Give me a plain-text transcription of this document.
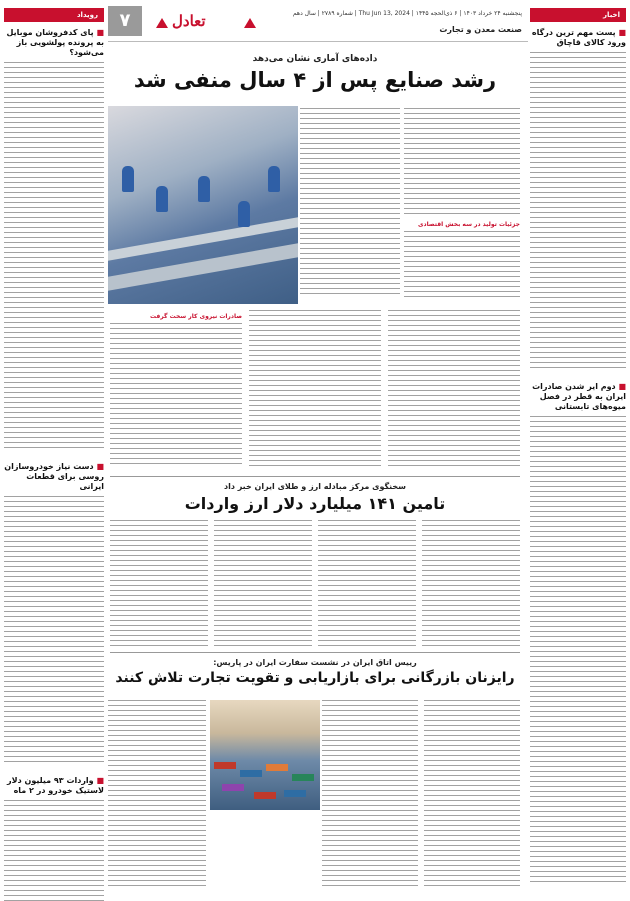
۷	پنجشنبه ۲۴ خرداد ۱۴۰۳ | ۶ ذی‌الحجه ۱۴۴۵ | Thu Jun 13, 2024 | شماره ۲۷۸۹ | سال دهم
صنعت معدن و تجارت
تعادل	اخبار
■ پست مهم ترین درگاه ورود کالای قاچاق
■ دوم ایر شدن صادرات ایران به قطر در فصل میوه‌های تابستانی
رویداد
■ پای کدفروشان موبایل به پرونده پولشویی باز می‌شود؟
■ دست نیاز خودروسازان روسی برای قطعات ایرانی
■ واردات ۹۳ میلیون دلار لاستیک خودرو در ۲ ماه
داده‌های آماری نشان می‌دهد
رشد صنایع پس از ۴ سال منفی شد
جزئیات تولید در سه بخش اقتصادی
صادرات نیروی کار سخت گرفت
سخنگوی مرکز مبادله ارز و طلای ایران خبر داد
تامین ۱۴۱ میلیارد دلار ارز واردات
رییس اتاق ایران در نشست سفارت ایران در پاریس:
رایزنان بازرگانی برای بازاریابی و تقویت تجارت تلاش کنند
